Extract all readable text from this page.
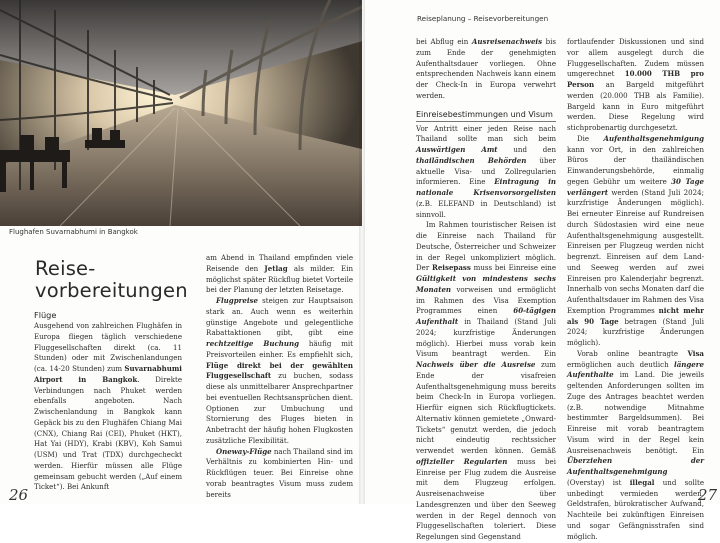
Flughafen Suvarnabhumi in Bangkok
Reise-
vorbereitungen
Flüge

Ausgehend von zahlreichen Flughäfen in Europa fliegen täglich verschiedene Fluggesellschaften direkt (ca. 11 Stunden) oder mit Zwischenlandungen (ca. 14-20 Stunden) zum Suvarnabhumi Airport in Bangkok. Direkte Verbindungen nach Phuket werden ebenfalls angeboten. Nach Zwischenlandung in Bangkok kann Gepäck bis zu den Flughäfen Chiang Mai (CNX), Chiang Rai (CEI), Phuket (HKT), Hat Yai (HDY), Krabi (KBV), Koh Samui (USM) und Trat (TDX) durchgecheckt werden. Hierfür müssen alle Flüge gemeinsam gebucht werden („Auf einem Ticket“). Bei Ankunft

am Abend in Thailand empfinden viele Reisende den Jetlag als milder. Ein möglichst später Rückflug bietet Vorteile bei der Planung der letzten Reisetage.

Flugpreise steigen zur Hauptsaison stark an. Auch wenn es weiterhin günstige Angebote und gelegentliche Rabattaktionen gibt, gibt eine rechtzeitige Buchung häufig mit Preisvorteilen einher. Es empfiehlt sich, Flüge direkt bei der gewählten Fluggesellschaft zu buchen, sodass diese als unmittelbarer Ansprechpartner bei eventuellen Rechtsansprüchen dient. Optionen zur Umbuchung und Stornierung des Fluges bieten in Anbetracht der häufig hohen Flugkosten zusätzliche Flexibilität.

Oneway-Flüge nach Thailand sind im Verhältnis zu kombinierten Hin- und Rückflügen teuer. Bei Einreise ohne vorab beantragtes Visum muss zudem bereits

26
Reiseplanung – Reisevorbereitungen

bei Abflug ein Ausreisenachweis bis zum Ende der genehmigten Aufenthaltsdauer vorliegen. Ohne entsprechenden Nachweis kann einem der Check-In in Europa verwehrt werden.

Einreisebestimmungen und Visum

Vor Antritt einer jeden Reise nach Thailand sollte man sich beim Auswärtigen Amt und den thailändischen Behörden über aktuelle Visa- und Zollregularien informieren. Eine Eintragung in nationale Krisenvorsorgelisten (z.B. ELEFAND in Deutschland) ist sinnvoll.

Im Rahmen touristischer Reisen ist die Einreise nach Thailand für Deutsche, Österreicher und Schweizer in der Regel unkompliziert möglich. Der Reisepass muss bei Einreise eine Gültigkeit von mindestens sechs Monaten vorweisen und ermöglicht im Rahmen des Visa Exemption Programmes einen 60-tägigen Aufenthalt in Thailand (Stand Juli 2024; kurzfristige Änderungen möglich). Hierbei muss vorab kein Visum beantragt werden. Ein Nachweis über die Ausreise zum Ende der visafreien Aufenthaltsgenehmigung muss bereits beim Check-In in Europa vorliegen. Hierfür eignen sich Rückflugtickets. Alternativ können gemietete „Onward-Tickets“ genutzt werden, die jedoch nicht eindeutig rechtssicher verwendet werden können. Gemäß offizieller Regularien muss bei Einreise per Flug zudem die Ausreise mit dem Flugzeug erfolgen. Ausreisenachweise über Landesgrenzen und über den Seeweg werden in der Regel dennoch von Fluggesellschaften toleriert. Diese Regelungen sind Gegenstand

fortlaufender Diskussionen und sind vor allem ausgelegt durch die Fluggesellschaften. Zudem müssen umgerechnet 10.000 THB pro Person an Bargeld mitgeführt werden (20.000 THB als Familie). Bargeld kann in Euro mitgeführt werden. Diese Regelung wird stichprobenartig durchgesetzt.

Die Aufenthaltsgenehmigung kann vor Ort, in den zahlreichen Büros der thailändischen Einwanderungsbehörde, einmalig gegen Gebühr um weitere 30 Tage verlängert werden (Stand Juli 2024; kurzfristige Änderungen möglich). Bei erneuter Einreise auf Rundreisen durch Südostasien wird eine neue Aufenthaltsgenehmigung ausgestellt. Einreisen per Flugzeug werden nicht begrenzt. Einreisen auf dem Land- und Seeweg werden auf zwei Einreisen pro Kalenderjahr begrenzt. Innerhalb von sechs Monaten darf die Aufenthaltsdauer im Rahmen des Visa Exemption Programmes nicht mehr als 90 Tage betragen (Stand Juli 2024; kurzfristige Änderungen möglich).

Vorab online beantragte Visa ermöglichen auch deutlich längere Aufenthalte im Land. Die jeweils geltenden Anforderungen sollten im Zuge des Antrages beachtet werden (z.B. notwendige Mitnahme bestimmter Bargeldsummen). Bei Einreise mit vorab beantragtem Visum wird in der Regel kein Ausreisenachweis benötigt. Ein Überziehen der Aufenthaltsgenehmigung (Overstay) ist illegal und sollte unbedingt vermieden werden. Geldstrafen, bürokratischer Aufwand, Nachteile bei zukünftigen Einreisen und sogar Gefängnisstrafen sind möglich.

27
